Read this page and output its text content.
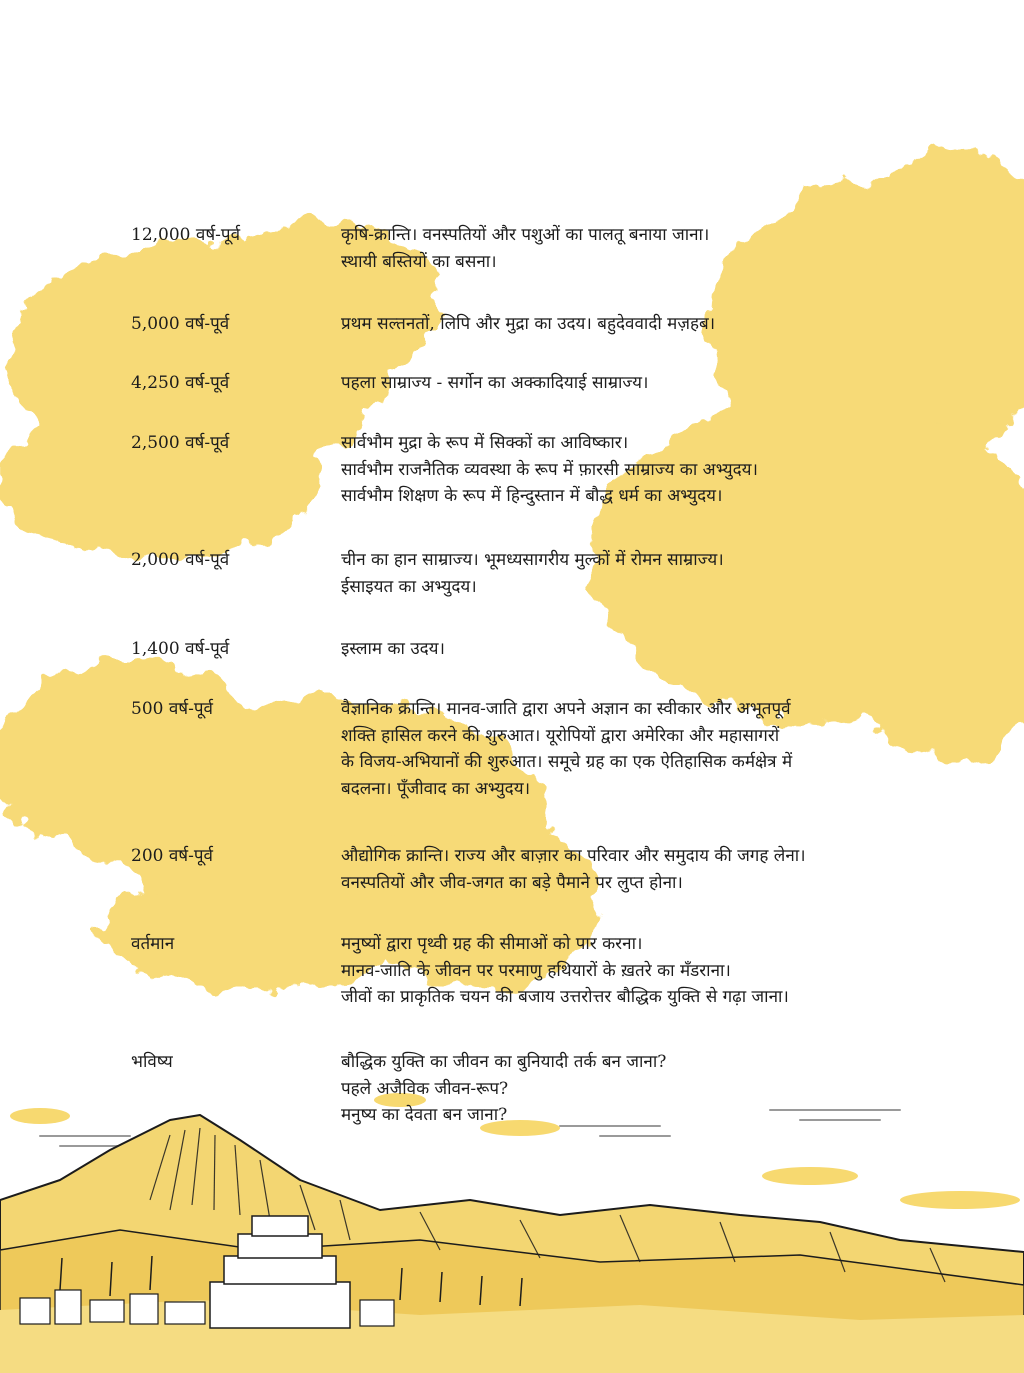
12,000 वर्ष-पूर्व	कृषि-क्रान्ति। वनस्पतियों और पशुओं का पालतू बनाया जाना।
स्थायी बस्तियों का बसना।
5,000 वर्ष-पूर्व	प्रथम सल्तनतों, लिपि और मुद्रा का उदय। बहुदेववादी मज़हब।
4,250 वर्ष-पूर्व	पहला साम्राज्य - सर्गोन का अक्कादियाई साम्राज्य।
2,500 वर्ष-पूर्व	सार्वभौम मुद्रा के रूप में सिक्कों का आविष्कार।
सार्वभौम राजनैतिक व्यवस्था के रूप में फ़ारसी साम्राज्य का अभ्युदय।
सार्वभौम शिक्षण के रूप में हिन्दुस्तान में बौद्ध धर्म का अभ्युदय।
2,000 वर्ष-पूर्व	चीन का हान साम्राज्य। भूमध्यसागरीय मुल्कों में रोमन साम्राज्य।
ईसाइयत का अभ्युदय।
1,400 वर्ष-पूर्व	इस्लाम का उदय।
500 वर्ष-पूर्व	वैज्ञानिक क्रान्ति। मानव-जाति द्वारा अपने अज्ञान का स्वीकार और अभूतपूर्व
शक्ति हासिल करने की शुरुआत। यूरोपियों द्वारा अमेरिका और महासागरों
के विजय-अभियानों की शुरुआत। समूचे ग्रह का एक ऐतिहासिक कर्मक्षेत्र में
बदलना। पूँजीवाद का अभ्युदय।
200 वर्ष-पूर्व	औद्योगिक क्रान्ति। राज्य और बाज़ार का परिवार और समुदाय की जगह लेना।
वनस्पतियों और जीव-जगत का बड़े पैमाने पर लुप्त होना।
वर्तमान	मनुष्यों द्वारा पृथ्वी ग्रह की सीमाओं को पार करना।
मानव-जाति के जीवन पर परमाणु हथियारों के ख़तरे का मँडराना।
जीवों का प्राकृतिक चयन की बजाय उत्तरोत्तर बौद्धिक युक्ति से गढ़ा जाना।
भविष्य	बौद्धिक युक्ति का जीवन का बुनियादी तर्क बन जाना?
पहले अजैविक जीवन-रूप?
मनुष्य का देवता बन जाना?
